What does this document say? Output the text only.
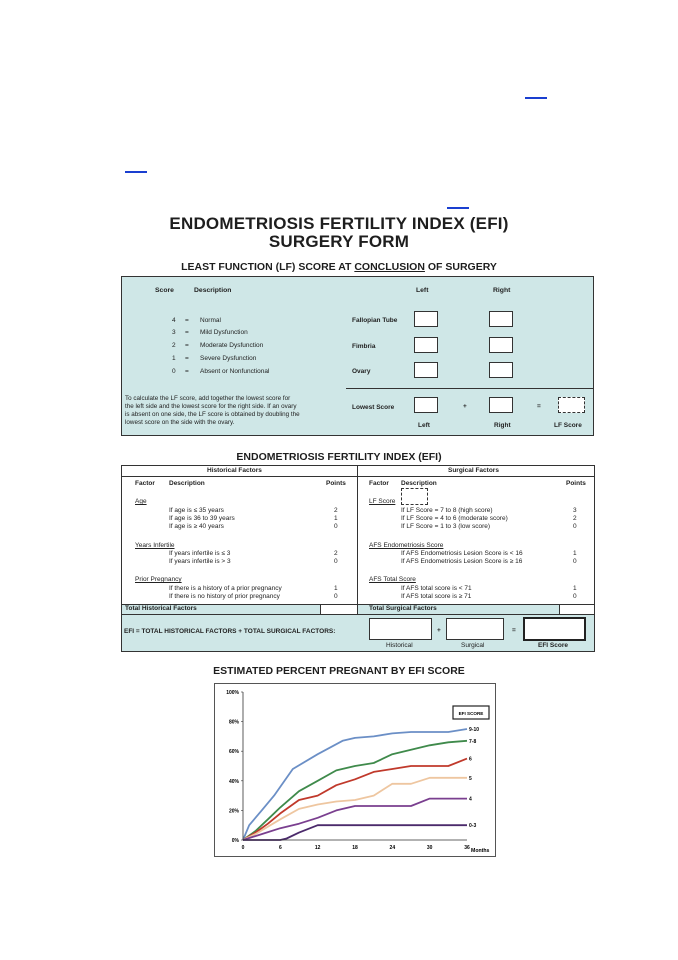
ENDOMETRIOSIS FERTILITY INDEX (EFI)
SURGERY FORM
LEAST FUNCTION (LF) SCORE AT CONCLUSION OF SURGERY
Score	Description	Left	Right
4 = Normal
3 = Mild Dysfunction
2 = Moderate Dysfunction
1 = Severe Dysfunction
0 = Absent or Nonfunctional
Fallopian Tube
Fimbria
Ovary
To calculate the LF score, add together the lowest score for
the left side and the lowest score for the right side. If an ovary
is absent on one side, the LF score is obtained by doubling the
lowest score on the side with the ovary.
Lowest Score	+	=
Left	Right	LF Score
ENDOMETRIOSIS FERTILITY INDEX (EFI)
Historical Factors	Surgical Factors
Factor Description	Points	Factor Description	Points
Age
If age is ≤ 35 years	2
If age is 36 to 39 years	1
If age is ≥ 40 years	0
Years Infertile
If years infertile is ≤ 3	2
If years infertile is > 3	0
Prior Pregnancy
If there is a history of a prior pregnancy	1
If there is no history of prior pregnancy	0
LF Score
If LF Score = 7 to 8 (high score)	3
If LF Score = 4 to 6 (moderate score)	2
If LF Score = 1 to 3 (low score)	0
AFS Endometriosis Score
If AFS Endometriosis Lesion Score is < 16	1
If AFS Endometriosis Lesion Score is ≥ 16	0
AFS Total Score
If AFS total score is < 71	1
If AFS total score is ≥ 71	0
Total Historical Factors	Total Surgical Factors
EFI = TOTAL HISTORICAL FACTORS + TOTAL SURGICAL FACTORS:	+	=
Historical	Surgical	EFI Score
ESTIMATED PERCENT PREGNANT BY EFI SCORE
0%
20%
40%
60%
80%
100%
0	6	12	18	24	30	36
9-10
7-8
6
5
4
0-3
EFI SCORE
Months
